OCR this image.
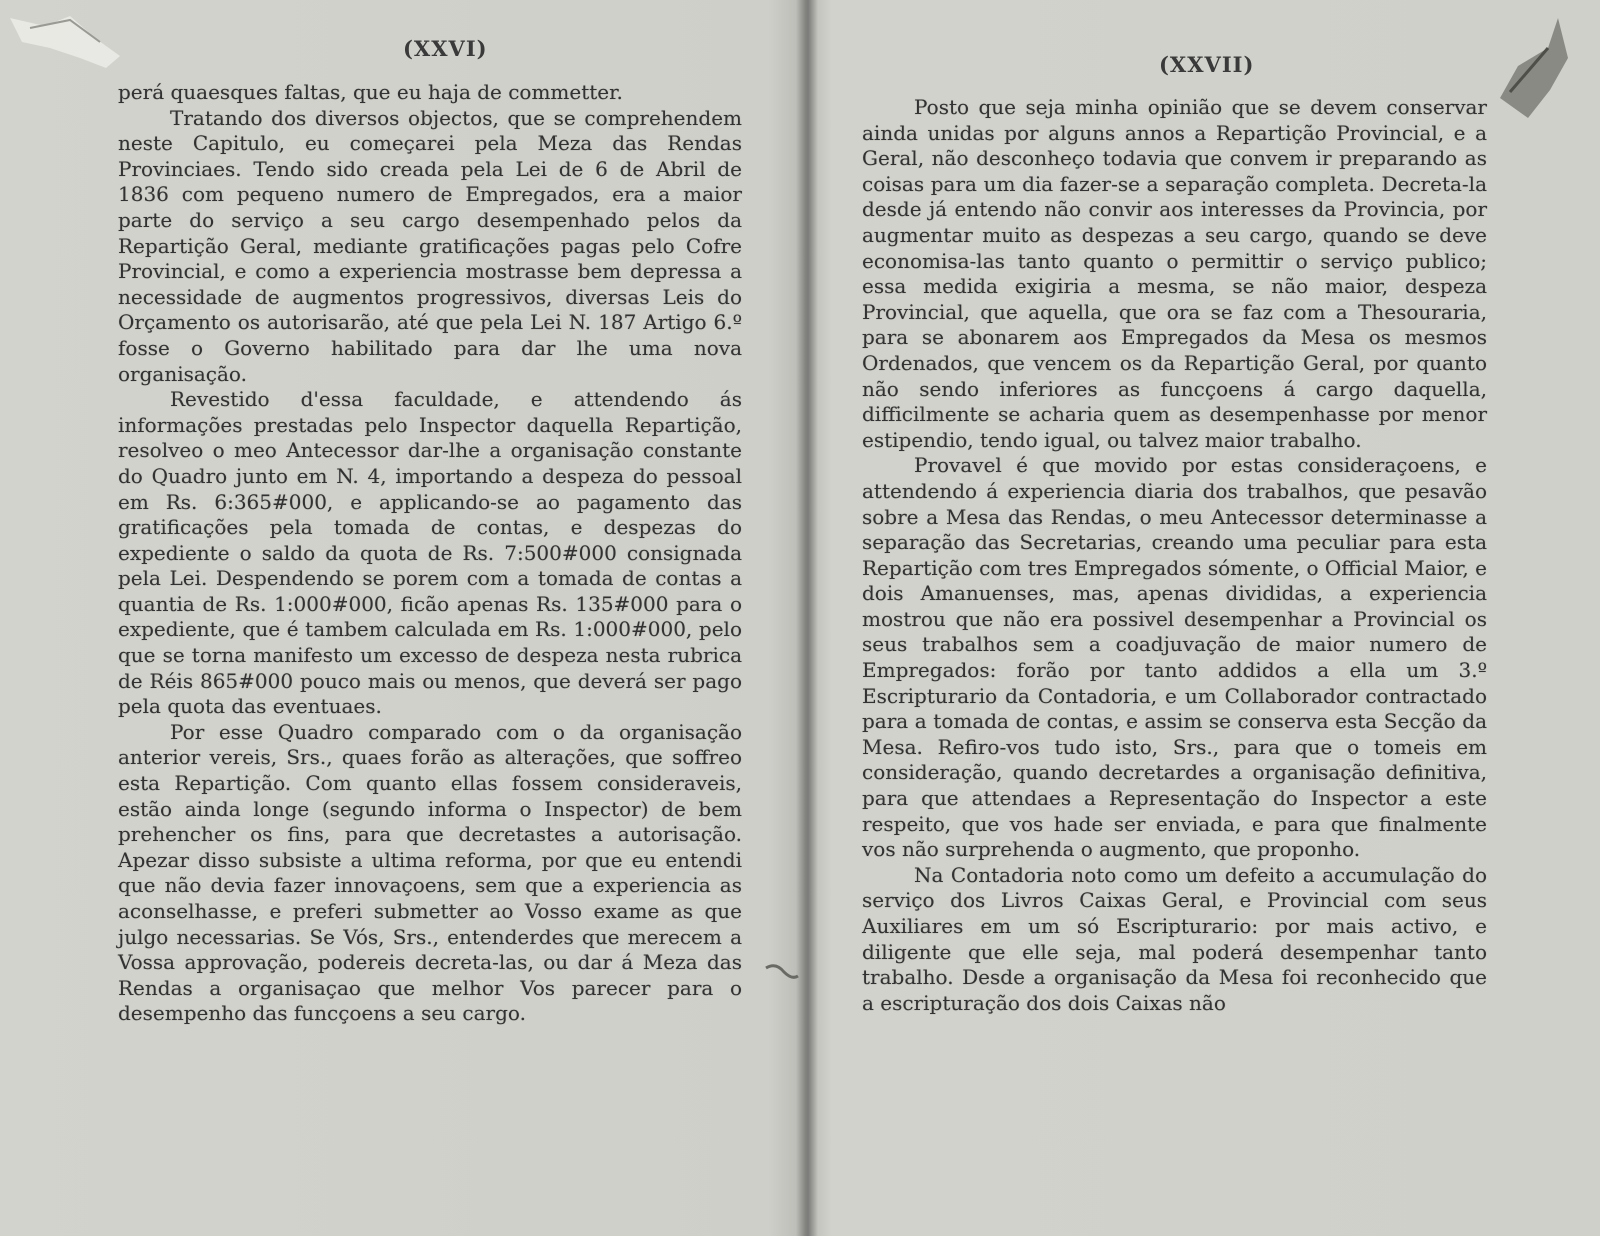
(XXVI)

perá quaesques faltas, que eu haja de commetter.

Tratando dos diversos objectos, que se comprehendem neste Capitulo, eu começarei pela Meza das Rendas Provinciaes. Tendo sido creada pela Lei de 6 de Abril de 1836 com pequeno numero de Empregados, era a maior parte do serviço a seu cargo desempenhado pelos da Repartição Geral, mediante gratificações pagas pelo Cofre Provincial, e como a experiencia mostrasse bem depressa a necessidade de augmentos progressivos, diversas Leis do Orçamento os autorisarão, até que pela Lei N. 187 Artigo 6.º fosse o Governo habilitado para dar lhe uma nova organisação.

Revestido d'essa faculdade, e attendendo ás informações prestadas pelo Inspector daquella Repartição, resolveo o meo Antecessor dar-lhe a organisação constante do Quadro junto em N. 4, importando a despeza do pessoal em Rs. 6:365#000, e applicando-se ao pagamento das gratificações pela tomada de contas, e despezas do expediente o saldo da quota de Rs. 7:500#000 consignada pela Lei. Despendendo se porem com a tomada de contas a quantia de Rs. 1:000#000, ficão apenas Rs. 135#000 para o expediente, que é tambem calculada em Rs. 1:000#000, pelo que se torna manifesto um excesso de despeza nesta rubrica de Réis 865#000 pouco mais ou menos, que deverá ser pago pela quota das eventuaes.

Por esse Quadro comparado com o da organisação anterior vereis, Srs., quaes forão as alterações, que soffreo esta Repartição. Com quanto ellas fossem consideraveis, estão ainda longe (segundo informa o Inspector) de bem prehencher os fins, para que decretastes a autorisação. Apezar disso subsiste a ultima reforma, por que eu entendi que não devia fazer innovaçoens, sem que a experiencia as aconselhasse, e preferi submetter ao Vosso exame as que julgo necessarias. Se Vós, Srs., entenderdes que merecem a Vossa approvação, podereis decreta-las, ou dar á Meza das Rendas a organisaçao que melhor Vos parecer para o desempenho das funcçoens a seu cargo.

(XXVII)

Posto que seja minha opinião que se devem conservar ainda unidas por alguns annos a Repartição Provincial, e a Geral, não desconheço todavia que convem ir preparando as coisas para um dia fazer-se a separação completa. Decreta-la desde já entendo não convir aos interesses da Provincia, por augmentar muito as despezas a seu cargo, quando se deve economisa-las tanto quanto o permittir o serviço publico; essa medida exigiria a mesma, se não maior, despeza Provincial, que aquella, que ora se faz com a Thesouraria, para se abonarem aos Empregados da Mesa os mesmos Ordenados, que vencem os da Repartição Geral, por quanto não sendo inferiores as funcçoens á cargo daquella, difficilmente se acharia quem as desempenhasse por menor estipendio, tendo igual, ou talvez maior trabalho.

Provavel é que movido por estas consideraçoens, e attendendo á experiencia diaria dos trabalhos, que pesavão sobre a Mesa das Rendas, o meu Antecessor determinasse a separação das Secretarias, creando uma peculiar para esta Repartição com tres Empregados sómente, o Official Maior, e dois Amanuenses, mas, apenas divididas, a experiencia mostrou que não era possivel desempenhar a Provincial os seus trabalhos sem a coadjuvação de maior numero de Empregados: forão por tanto addidos a ella um 3.º Escripturario da Contadoria, e um Collaborador contractado para a tomada de contas, e assim se conserva esta Secção da Mesa. Refiro-vos tudo isto, Srs., para que o tomeis em consideração, quando decretardes a organisação definitiva, para que attendaes a Representação do Inspector a este respeito, que vos hade ser enviada, e para que finalmente vos não surprehenda o augmento, que proponho.

Na Contadoria noto como um defeito a accumulação do serviço dos Livros Caixas Geral, e Provincial com seus Auxiliares em um só Escripturario: por mais activo, e diligente que elle seja, mal poderá desempenhar tanto trabalho. Desde a organisação da Mesa foi reconhecido que a escripturação dos dois Caixas não
